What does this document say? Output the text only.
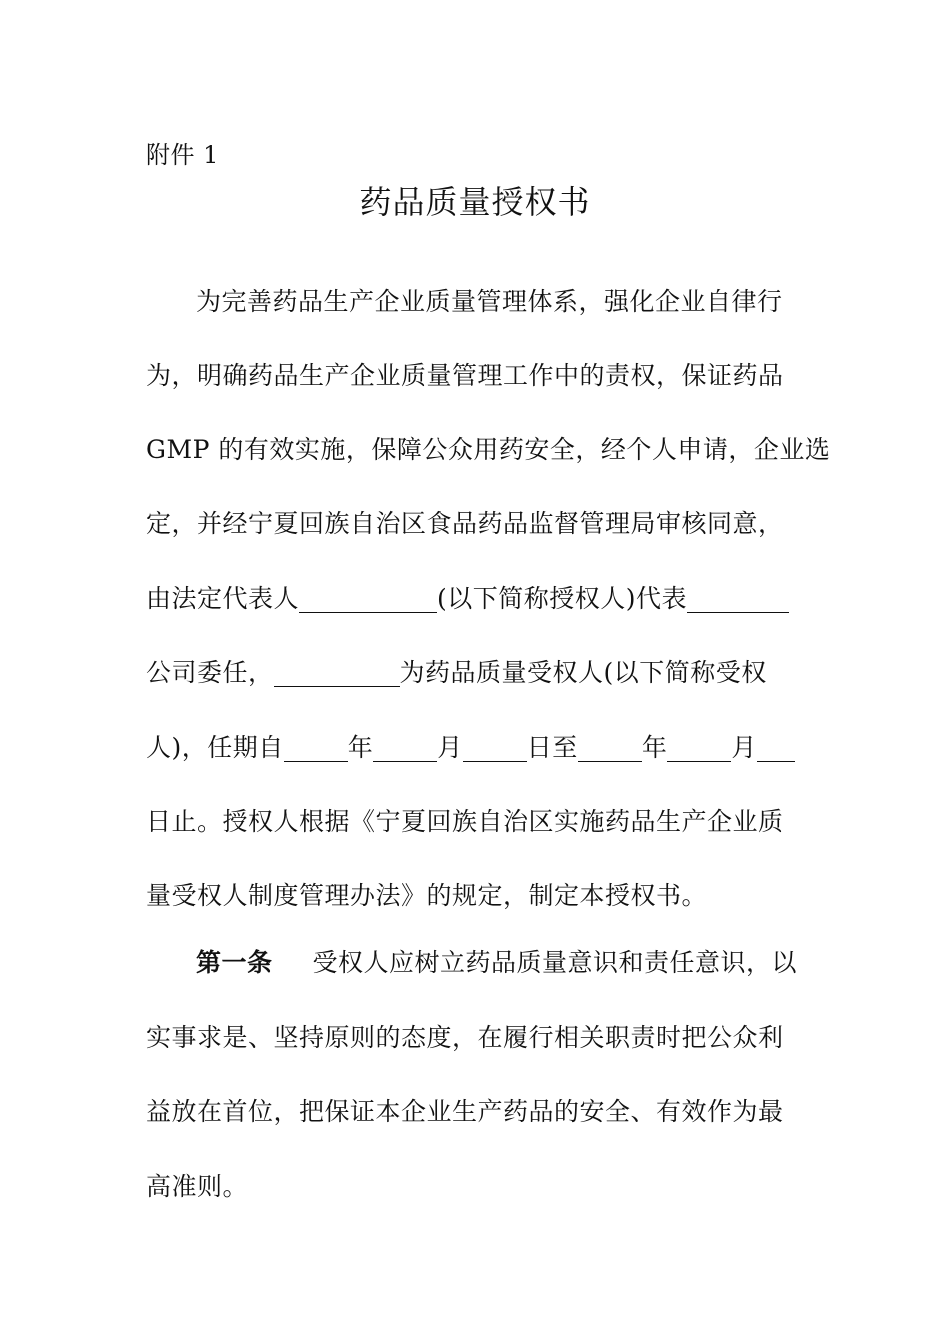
附件 1
药品质量授权书
为完善药品生产企业质量管理体系，强化企业自律行
为，明确药品生产企业质量管理工作中的责权，保证药品
GMP 的有效实施，保障公众用药安全，经个人申请，企业选
定，并经宁夏回族自治区食品药品监督管理局审核同意，
由法定代表人	(以下简称授权人)代表
公司委任，	为药品质量受权人(以下简称受权
人)，任期自	年	月	日至	年	月
日止。授权人根据《宁夏回族自治区实施药品生产企业质
量受权人制度管理办法》的规定，制定本授权书。
第一条 受权人应树立药品质量意识和责任意识，以
实事求是、坚持原则的态度，在履行相关职责时把公众利
益放在首位，把保证本企业生产药品的安全、有效作为最
高准则。
